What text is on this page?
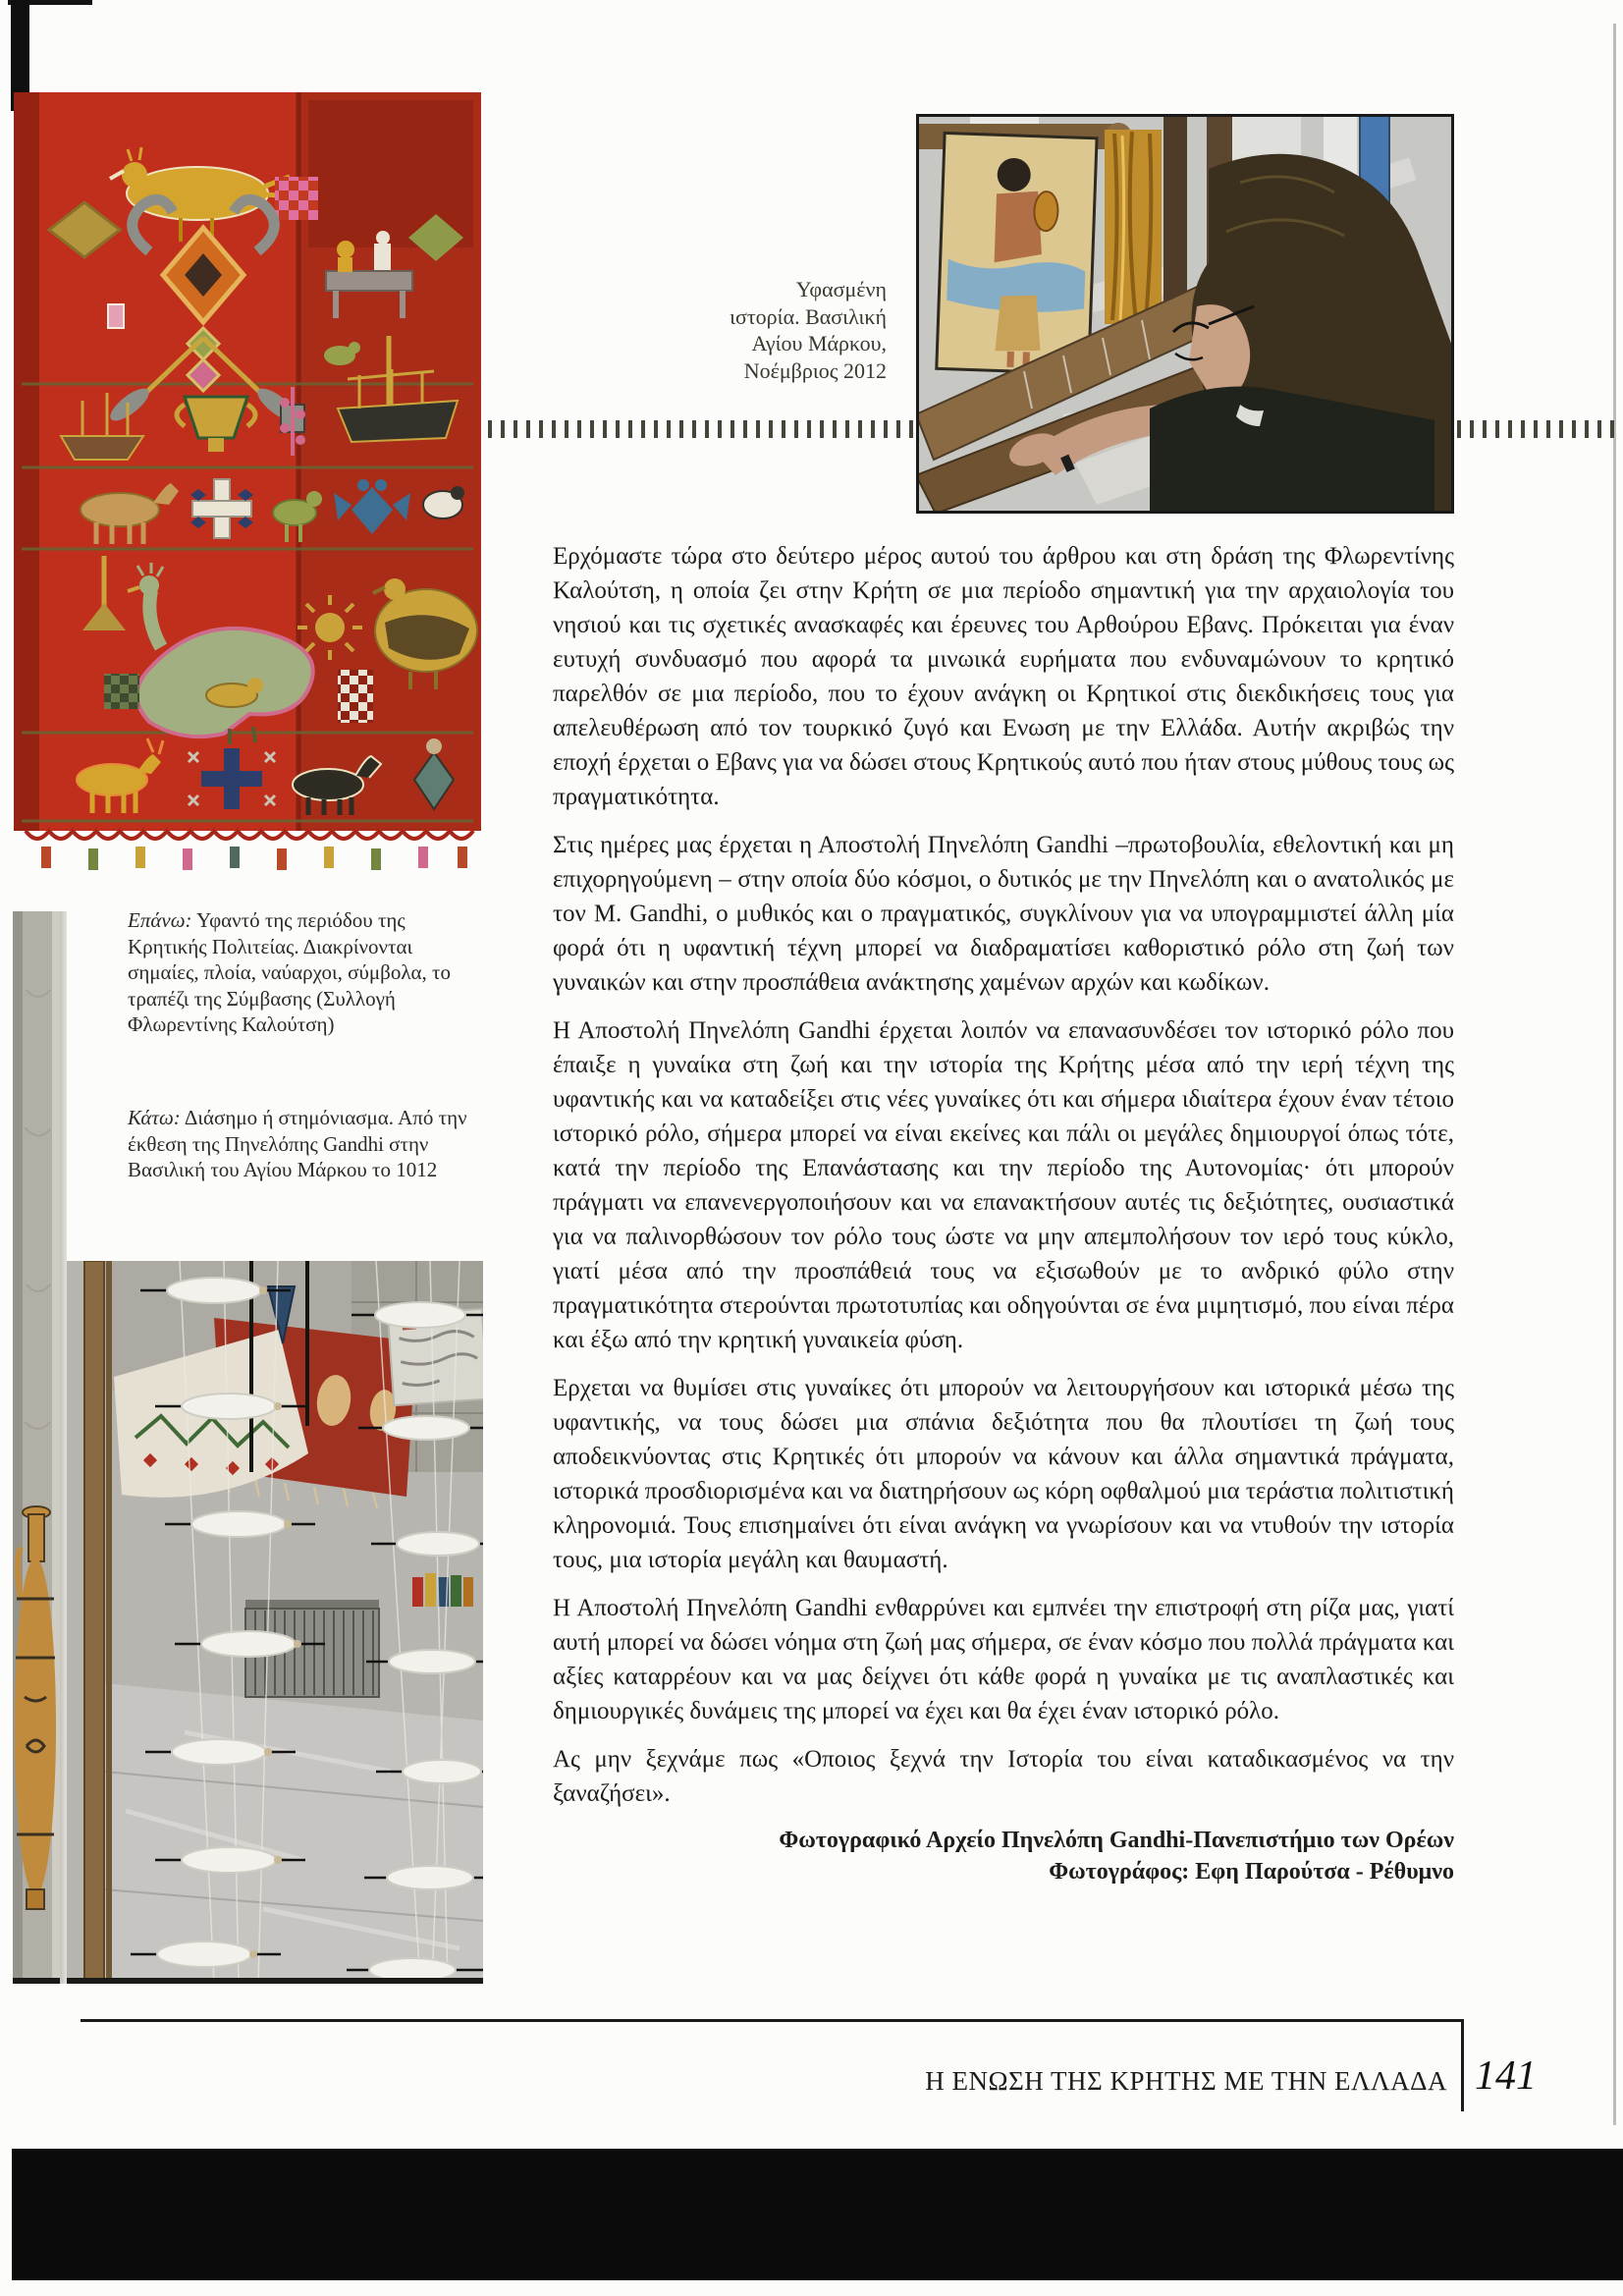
Υφασμένη
ιστορία. Βασιλική
Αγίου Μάρκου,
Νοέμβριος 2012
Επάνω: Υφαντό της περιόδου της Κρητικής Πολιτείας. Διακρίνονται σημαίες, πλοία, ναύαρχοι, σύμβολα, το τραπέζι της Σύμβασης (Συλλογή Φλωρεντίνης Καλούτση)
Κάτω: Διάσημο ή στημόνιασμα. Από την έκθεση της Πηνελόπης Gandhi στην Βασιλική του Αγίου Μάρκου το 1012

Ερχόμαστε τώρα στο δεύτερο μέρος αυτού του άρθρου και στη δράση της Φλωρεντίνης Καλούτση, η οποία ζει στην Κρήτη σε μια περίοδο σημαντική για την αρχαιολογία του νησιού και τις σχετικές ανασκαφές και έρευνες του Αρθούρου Εβανς. Πρόκειται για έναν ευτυχή συνδυασμό που αφορά τα μινωικά ευρήματα που ενδυναμώνουν το κρητικό παρελθόν σε μια περίοδο, που το έχουν ανάγκη οι Κρητικοί στις διεκδικήσεις τους για απελευθέρωση από τον τουρκικό ζυγό και Ενωση με την Ελλάδα. Αυτήν ακριβώς την εποχή έρχεται ο Εβανς για να δώσει στους Κρητικούς αυτό που ήταν στους μύθους τους ως πραγματικότητα.

Στις ημέρες μας έρχεται η Αποστολή Πηνελόπη Gandhi –πρωτοβουλία, εθελοντική και μη επιχορηγούμενη – στην οποία δύο κόσμοι, ο δυτικός με την Πηνελόπη και ο ανατολικός με τον Μ. Gandhi, ο μυθικός και ο πραγματικός, συγκλίνουν για να υπογραμμιστεί άλλη μία φορά ότι η υφαντική τέχνη μπορεί να διαδραματίσει καθοριστικό ρόλο στη ζωή των γυναικών και στην προσπάθεια ανάκτησης χαμένων αρχών και κωδίκων.

Η Αποστολή Πηνελόπη Gandhi έρχεται λοιπόν να επανασυνδέσει τον ιστορικό ρόλο που έπαιξε η γυναίκα στη ζωή και την ιστορία της Κρήτης μέσα από την ιερή τέχνη της υφαντικής και να καταδείξει στις νέες γυναίκες ότι και σήμερα ιδιαίτερα έχουν έναν τέτοιο ιστορικό ρόλο, σήμερα μπορεί να είναι εκείνες και πάλι οι μεγάλες δημιουργοί όπως τότε, κατά την περίοδο της Επανάστασης και την περίοδο της Αυτονομίας· ότι μπορούν πράγματι να επανενεργοποιήσουν και να επανακτήσουν αυτές τις δεξιότητες, ουσιαστικά για να παλινορθώσουν τον ρόλο τους ώστε να μην απεμπολήσουν τον ιερό τους κύκλο, γιατί μέσα από την προσπάθειά τους να εξισωθούν με το ανδρικό φύλο στην πραγματικότητα στερούνται πρωτοτυπίας και οδηγούνται σε ένα μιμητισμό, που είναι πέρα και έξω από την κρητική γυναικεία φύση.

Ερχεται να θυμίσει στις γυναίκες ότι μπορούν να λειτουργήσουν και ιστορικά μέσω της υφαντικής, να τους δώσει μια σπάνια δεξιότητα που θα πλουτίσει τη ζωή τους αποδεικνύοντας στις Κρητικές ότι μπορούν να κάνουν και άλλα σημαντικά πράγματα, ιστορικά προσδιορισμένα και να διατηρήσουν ως κόρη οφθαλμού μια τεράστια πολιτιστική κληρονομιά. Τους επισημαίνει ότι είναι ανάγκη να γνωρίσουν και να ντυθούν την ιστορία τους, μια ιστορία μεγάλη και θαυμαστή.

Η Αποστολή Πηνελόπη Gandhi ενθαρρύνει και εμπνέει την επιστροφή στη ρίζα μας, γιατί αυτή μπορεί να δώσει νόημα στη ζωή μας σήμερα, σε έναν κόσμο που πολλά πράγματα και αξίες καταρρέουν και να μας δείχνει ότι κάθε φορά η γυναίκα με τις αναπλαστικές και δημιουργικές δυνάμεις της μπορεί να έχει και θα έχει έναν ιστορικό ρόλο.

Ας μην ξεχνάμε πως «Οποιος ξεχνά την Ιστορία του είναι καταδικασμένος να την ξαναζήσει».

Φωτογραφικό Αρχείο Πηνελόπη Gandhi-Πανεπιστήμιο των Ορέων

Φωτογράφος: Εφη Παρούτσα - Ρέθυμνο

Η ΕΝΩΣΗ ΤΗΣ ΚΡΗΤΗΣ ΜΕ ΤΗΝ ΕΛΛΑΔΑ 141
